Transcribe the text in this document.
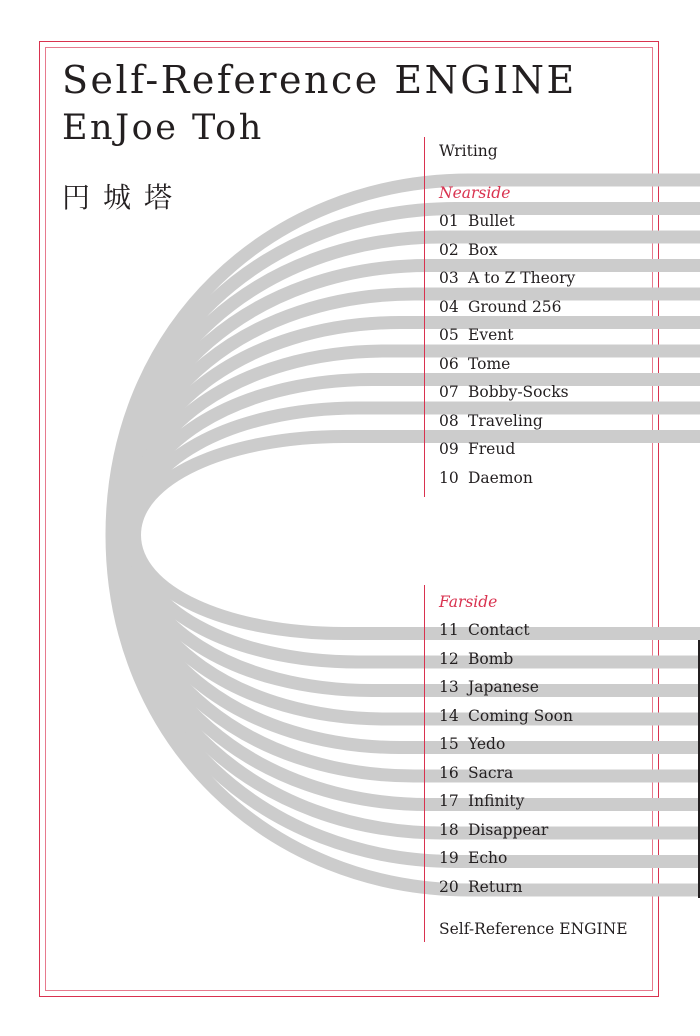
Self-Reference ENGINE
EnJoe Toh
円城塔
Writing
Nearside
01 Bullet
02 Box
03 A to Z Theory
04 Ground 256
05 Event
06 Tome
07 Bobby-Socks
08 Traveling
09 Freud
10 Daemon
Farside
11 Contact
12 Bomb
13 Japanese
14 Coming Soon
15 Yedo
16 Sacra
17 Infinity
18 Disappear
19 Echo
20 Return
Self-Reference ENGINE
